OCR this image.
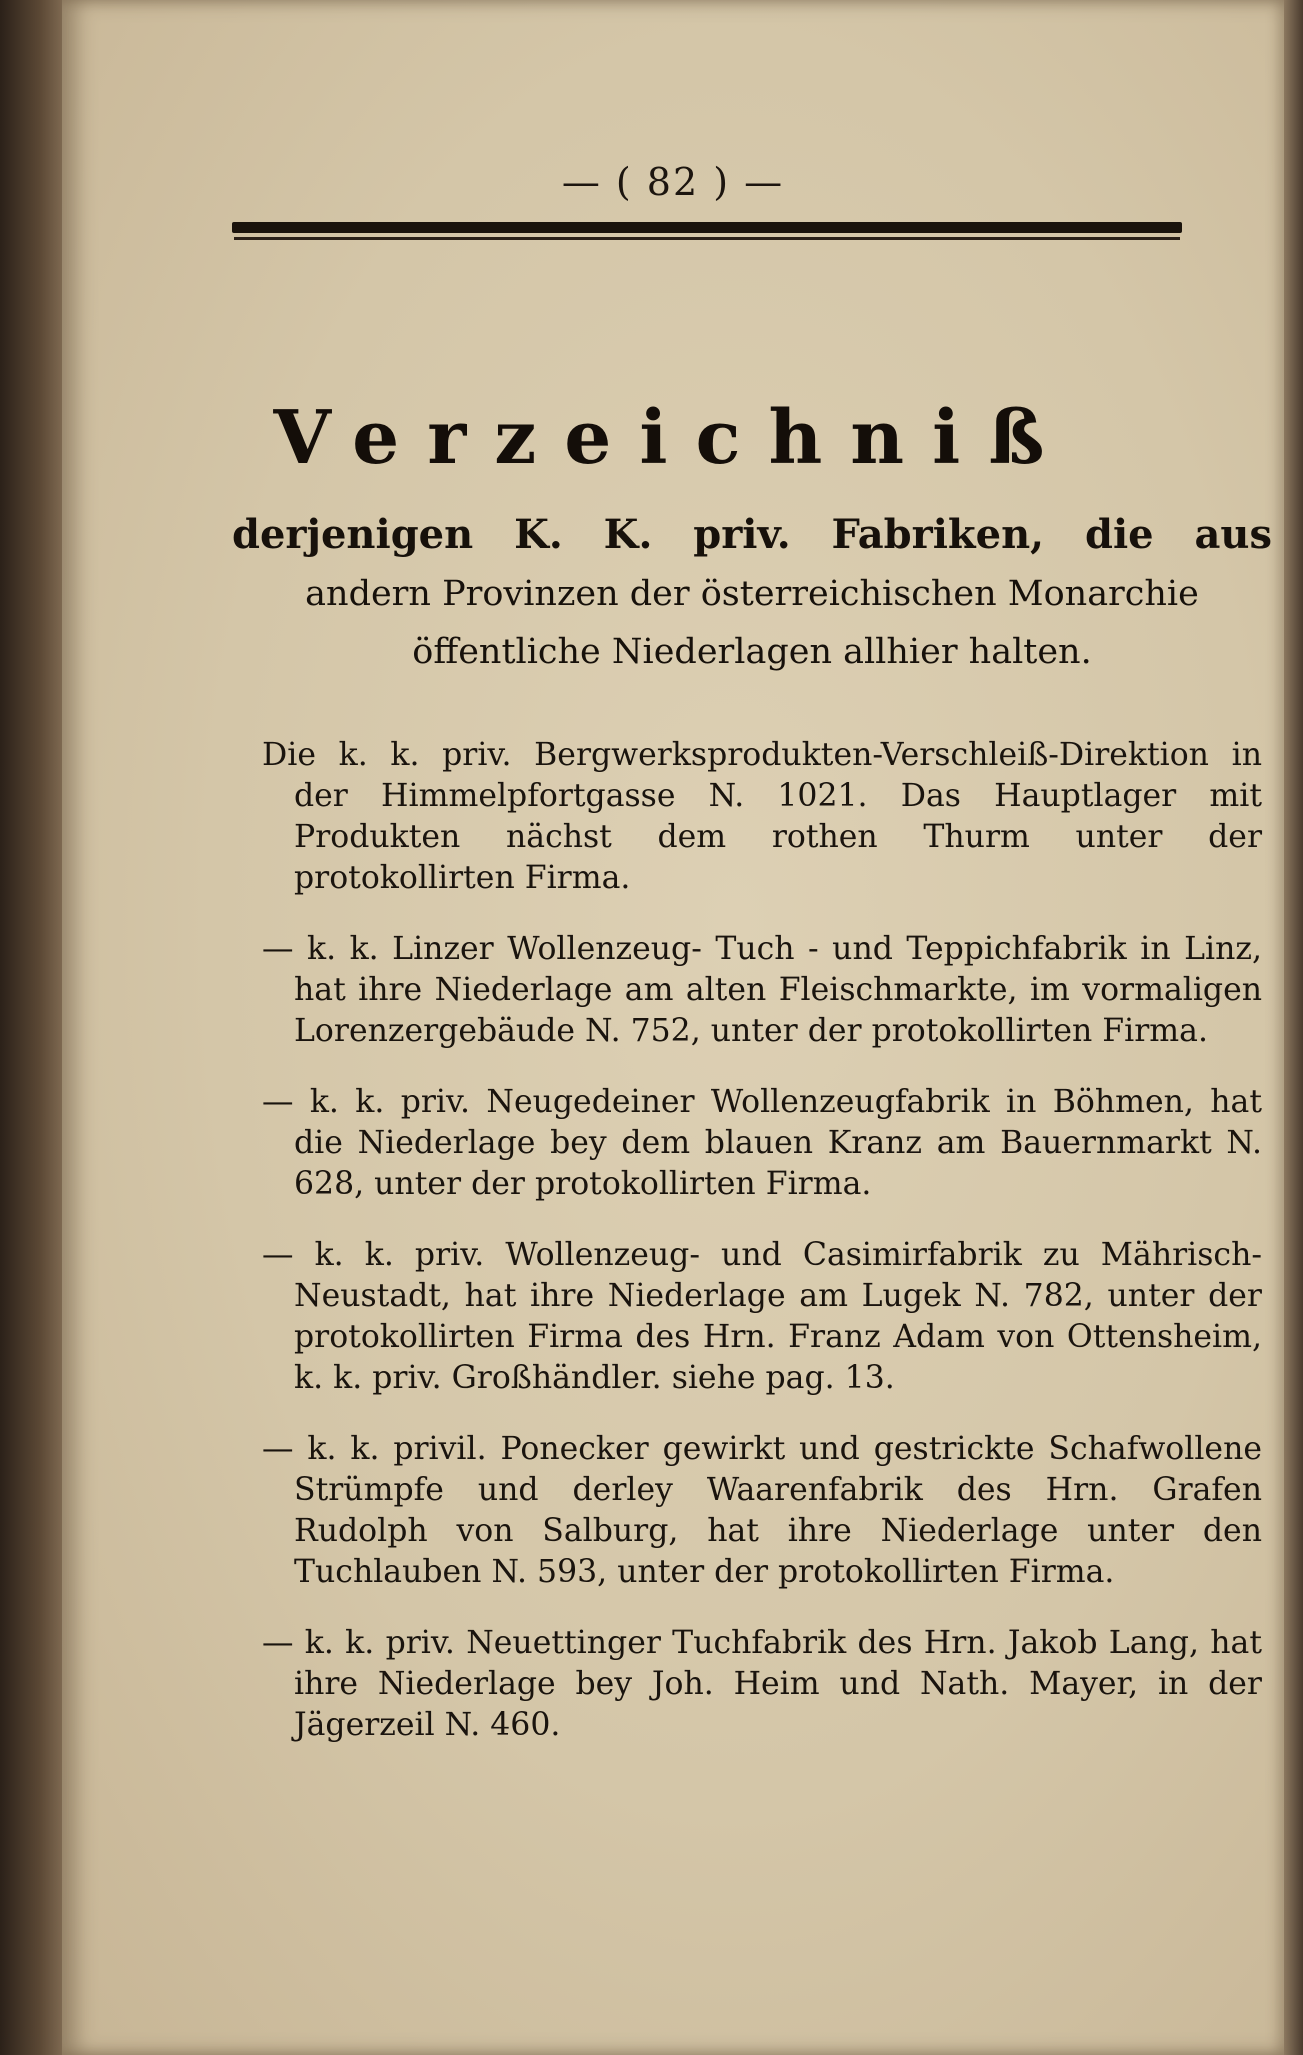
— ( 82 ) —
Verzeichniß
derjenigen K. K. priv. Fabriken, die aus
andern Provinzen der österreichischen Monarchie
öffentliche Niederlagen allhier halten.

Die k. k. priv. Bergwerksprodukten-Verschleiß-Direktion in der Himmelpfortgasse N. 1021. Das Hauptlager mit Produkten nächst dem rothen Thurm unter der protokollirten Firma.

— k. k. Linzer Wollenzeug- Tuch - und Teppichfabrik in Linz, hat ihre Niederlage am alten Fleischmarkte, im vormaligen Lorenzergebäude N. 752, unter der protokollirten Firma.

— k. k. priv. Neugedeiner Wollenzeugfabrik in Böhmen, hat die Niederlage bey dem blauen Kranz am Bauernmarkt N. 628, unter der protokollirten Firma.

— k. k. priv. Wollenzeug- und Casimirfabrik zu Mährisch-Neustadt, hat ihre Niederlage am Lugek N. 782, unter der protokollirten Firma des Hrn. Franz Adam von Ottensheim, k. k. priv. Großhändler. siehe pag. 13.

— k. k. privil. Ponecker gewirkt und gestrickte Schafwollene Strümpfe und derley Waarenfabrik des Hrn. Grafen Rudolph von Salburg, hat ihre Niederlage unter den Tuchlauben N. 593, unter der protokollirten Firma.

— k. k. priv. Neuettinger Tuchfabrik des Hrn. Jakob Lang, hat ihre Niederlage bey Joh. Heim und Nath. Mayer, in der Jägerzeil N. 460.
